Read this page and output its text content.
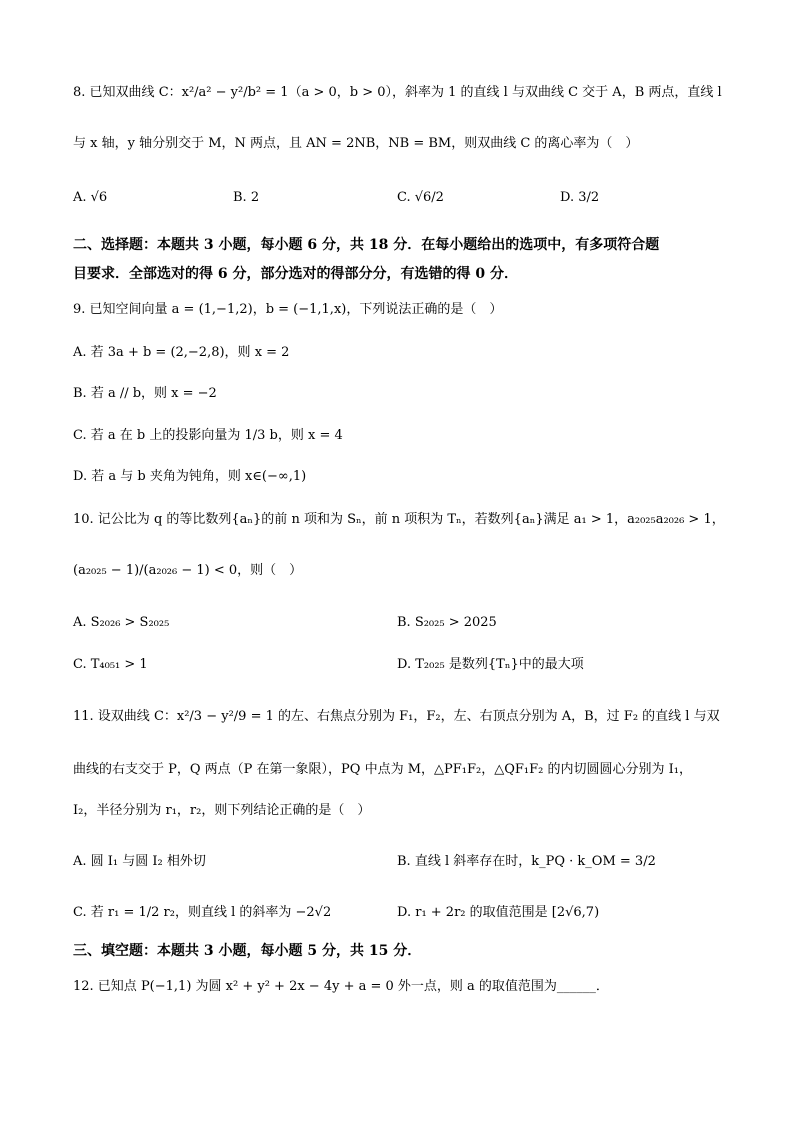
8. 已知双曲线 C：x²/a² − y²/b² = 1（a > 0，b > 0），斜率为 1 的直线 l 与双曲线 C 交于 A，B 两点，直线 l
与 x 轴，y 轴分别交于 M，N 两点，且 AN = 2NB，NB = BM，则双曲线 C 的离心率为（　）
A. √6	B. 2	C. √6/2	D. 3/2
二、选择题：本题共 3 小题，每小题 6 分，共 18 分．在每小题给出的选项中，有多项符合题
目要求．全部选对的得 6 分，部分选对的得部分分，有选错的得 0 分．
9. 已知空间向量 a = (1,−1,2)，b = (−1,1,x)，下列说法正确的是（　）
A. 若 3a + b = (2,−2,8)，则 x = 2
B. 若 a // b，则 x = −2
C. 若 a 在 b 上的投影向量为 1/3 b，则 x = 4
D. 若 a 与 b 夹角为钝角，则 x∈(−∞,1)
10. 记公比为 q 的等比数列{aₙ}的前 n 项和为 Sₙ，前 n 项积为 Tₙ，若数列{aₙ}满足 a₁ > 1，a₂₀₂₅a₂₀₂₆ > 1，
(a₂₀₂₅ − 1)/(a₂₀₂₆ − 1) < 0，则（　）
A. S₂₀₂₆ > S₂₀₂₅	B. S₂₀₂₅ > 2025
C. T₄₀₅₁ > 1	D. T₂₀₂₅ 是数列{Tₙ}中的最大项
11. 设双曲线 C：x²/3 − y²/9 = 1 的左、右焦点分别为 F₁，F₂，左、右顶点分别为 A，B，过 F₂ 的直线 l 与双
曲线的右支交于 P，Q 两点（P 在第一象限），PQ 中点为 M，△PF₁F₂，△QF₁F₂ 的内切圆圆心分别为 I₁，
I₂，半径分别为 r₁，r₂，则下列结论正确的是（　）
A. 圆 I₁ 与圆 I₂ 相外切	B. 直线 l 斜率存在时，k_PQ · k_OM = 3/2
C. 若 r₁ = 1/2 r₂，则直线 l 的斜率为 −2√2	D. r₁ + 2r₂ 的取值范围是 [2√6,7)
三、填空题：本题共 3 小题，每小题 5 分，共 15 分．
12. 已知点 P(−1,1) 为圆 x² + y² + 2x − 4y + a = 0 外一点，则 a 的取值范围为______．
